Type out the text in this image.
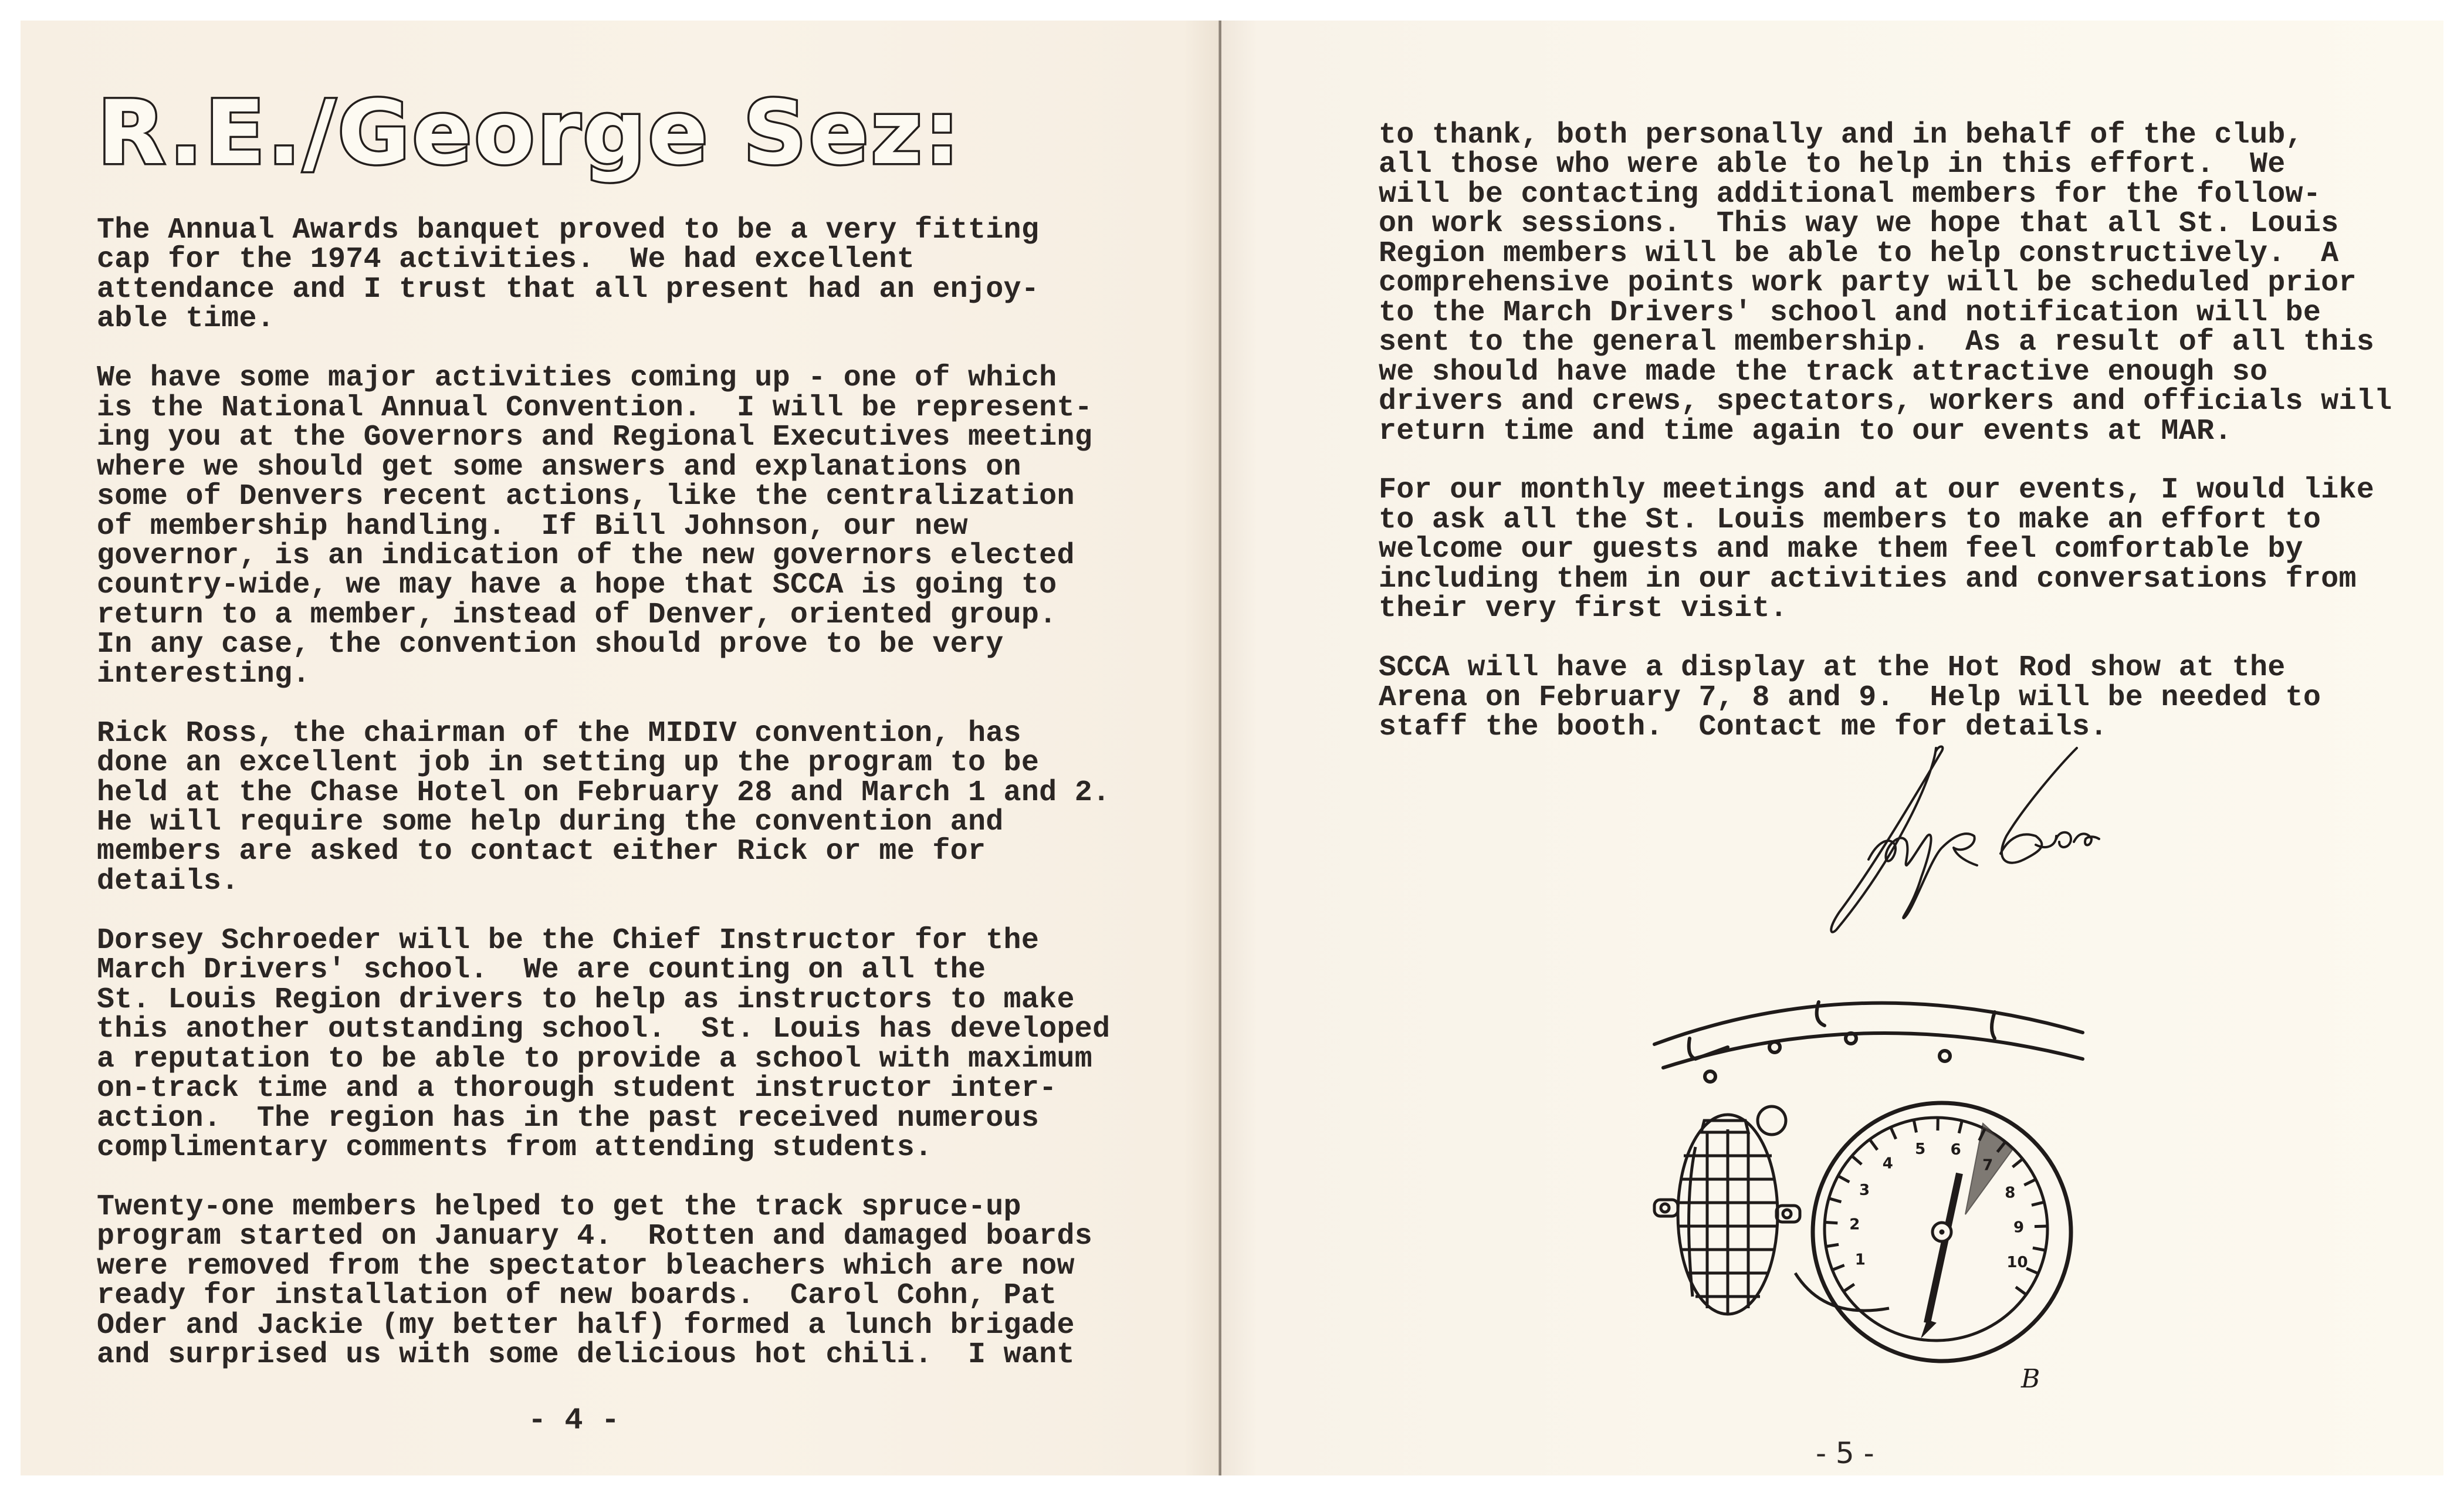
R.E./George Sez:
The Annual Awards banquet proved to be a very fitting
cap for the 1974 activities.  We had excellent
attendance and I trust that all present had an enjoy-
able time.
We have some major activities coming up - one of which
is the National Annual Convention.  I will be represent-
ing you at the Governors and Regional Executives meeting
where we should get some answers and explanations on
some of Denvers recent actions, like the centralization
of membership handling.  If Bill Johnson, our new
governor, is an indication of the new governors elected
country-wide, we may have a hope that SCCA is going to
return to a member, instead of Denver, oriented group.
In any case, the convention should prove to be very
interesting.
Rick Ross, the chairman of the MIDIV convention, has
done an excellent job in setting up the program to be
held at the Chase Hotel on February 28 and March 1 and 2.
He will require some help during the convention and
members are asked to contact either Rick or me for
details.
Dorsey Schroeder will be the Chief Instructor for the
March Drivers' school.  We are counting on all the
St. Louis Region drivers to help as instructors to make
this another outstanding school.  St. Louis has developed
a reputation to be able to provide a school with maximum
on-track time and a thorough student instructor inter-
action.  The region has in the past received numerous
complimentary comments from attending students.
Twenty-one members helped to get the track spruce-up
program started on January 4.  Rotten and damaged boards
were removed from the spectator bleachers which are now
ready for installation of new boards.  Carol Cohn, Pat
Oder and Jackie (my better half) formed a lunch brigade
and surprised us with some delicious hot chili.  I want
to thank, both personally and in behalf of the club,
all those who were able to help in this effort.  We
will be contacting additional members for the follow-
on work sessions.  This way we hope that all St. Louis
Region members will be able to help constructively.  A
comprehensive points work party will be scheduled prior
to the March Drivers' school and notification will be
sent to the general membership.  As a result of all this
we should have made the track attractive enough so
drivers and crews, spectators, workers and officials will
return time and time again to our events at MAR.
For our monthly meetings and at our events, I would like
to ask all the St. Louis members to make an effort to
welcome our guests and make them feel comfortable by
including them in our activities and conversations from
their very first visit.
SCCA will have a display at the Hot Rod show at the
Arena on February 7, 8 and 9.  Help will be needed to
staff the booth.  Contact me for details.
- 4 -
- 5 -
1
2
3
4
5 6
7
8
9
10
B
